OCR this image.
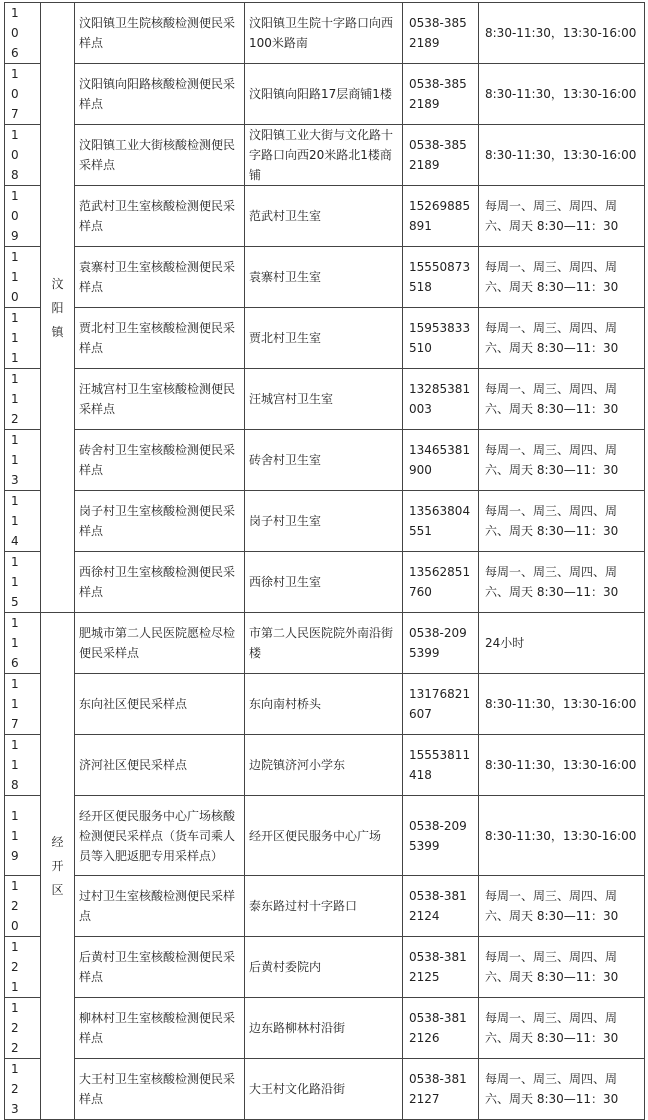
106	汶阳镇	汶阳镇卫生院核酸检测便民采样点	汶阳镇卫生院十字路口向西100米路南	0538-3852189	8:30-11:30，13:30-16:00
107		汶阳镇向阳路核酸检测便民采样点	汶阳镇向阳路17层商铺1楼	0538-3852189	8:30-11:30，13:30-16:00
108		汶阳镇工业大街核酸检测便民采样点	汶阳镇工业大街与文化路十字路口向西20米路北1楼商铺	0538-3852189	8:30-11:30，13:30-16:00
109		范武村卫生室核酸检测便民采样点	范武村卫生室	15269885891	每周一、周三、周四、周六、周天 8:30—11：30
110		袁寨村卫生室核酸检测便民采样点	袁寨村卫生室	15550873518	每周一、周三、周四、周六、周天 8:30—11：30
111		贾北村卫生室核酸检测便民采样点	贾北村卫生室	15953833510	每周一、周三、周四、周六、周天 8:30—11：30
112		汪城宫村卫生室核酸检测便民采样点	汪城宫村卫生室	13285381003	每周一、周三、周四、周六、周天 8:30—11：30
113		砖舍村卫生室核酸检测便民采样点	砖舍村卫生室	13465381900	每周一、周三、周四、周六、周天 8:30—11：30
114		岗子村卫生室核酸检测便民采样点	岗子村卫生室	13563804551	每周一、周三、周四、周六、周天 8:30—11：30
115		西徐村卫生室核酸检测便民采样点	西徐村卫生室	13562851760	每周一、周三、周四、周六、周天 8:30—11：30
116	经开区	肥城市第二人民医院愿检尽检便民采样点	市第二人民医院院外南沿街楼	0538-2095399	24小时
117		东向社区便民采样点	东向南村桥头	13176821607	8:30-11:30，13:30-16:00
118		济河社区便民采样点	边院镇济河小学东	15553811418	8:30-11:30，13:30-16:00
119		经开区便民服务中心广场核酸检测便民采样点（货车司乘人员等入肥返肥专用采样点）	经开区便民服务中心广场	0538-2095399	8:30-11:30，13:30-16:00
120		过村卫生室核酸检测便民采样点	泰东路过村十字路口	0538-3812124	每周一、周三、周四、周六、周天 8:30—11：30
121		后黄村卫生室核酸检测便民采样点	后黄村委院内	0538-3812125	每周一、周三、周四、周六、周天 8:30—11：30
122		柳林村卫生室核酸检测便民采样点	边东路柳林村沿街	0538-3812126	每周一、周三、周四、周六、周天 8:30—11：30
123		大王村卫生室核酸检测便民采样点	大王村文化路沿街	0538-3812127	每周一、周三、周四、周六、周天 8:30—11：30
